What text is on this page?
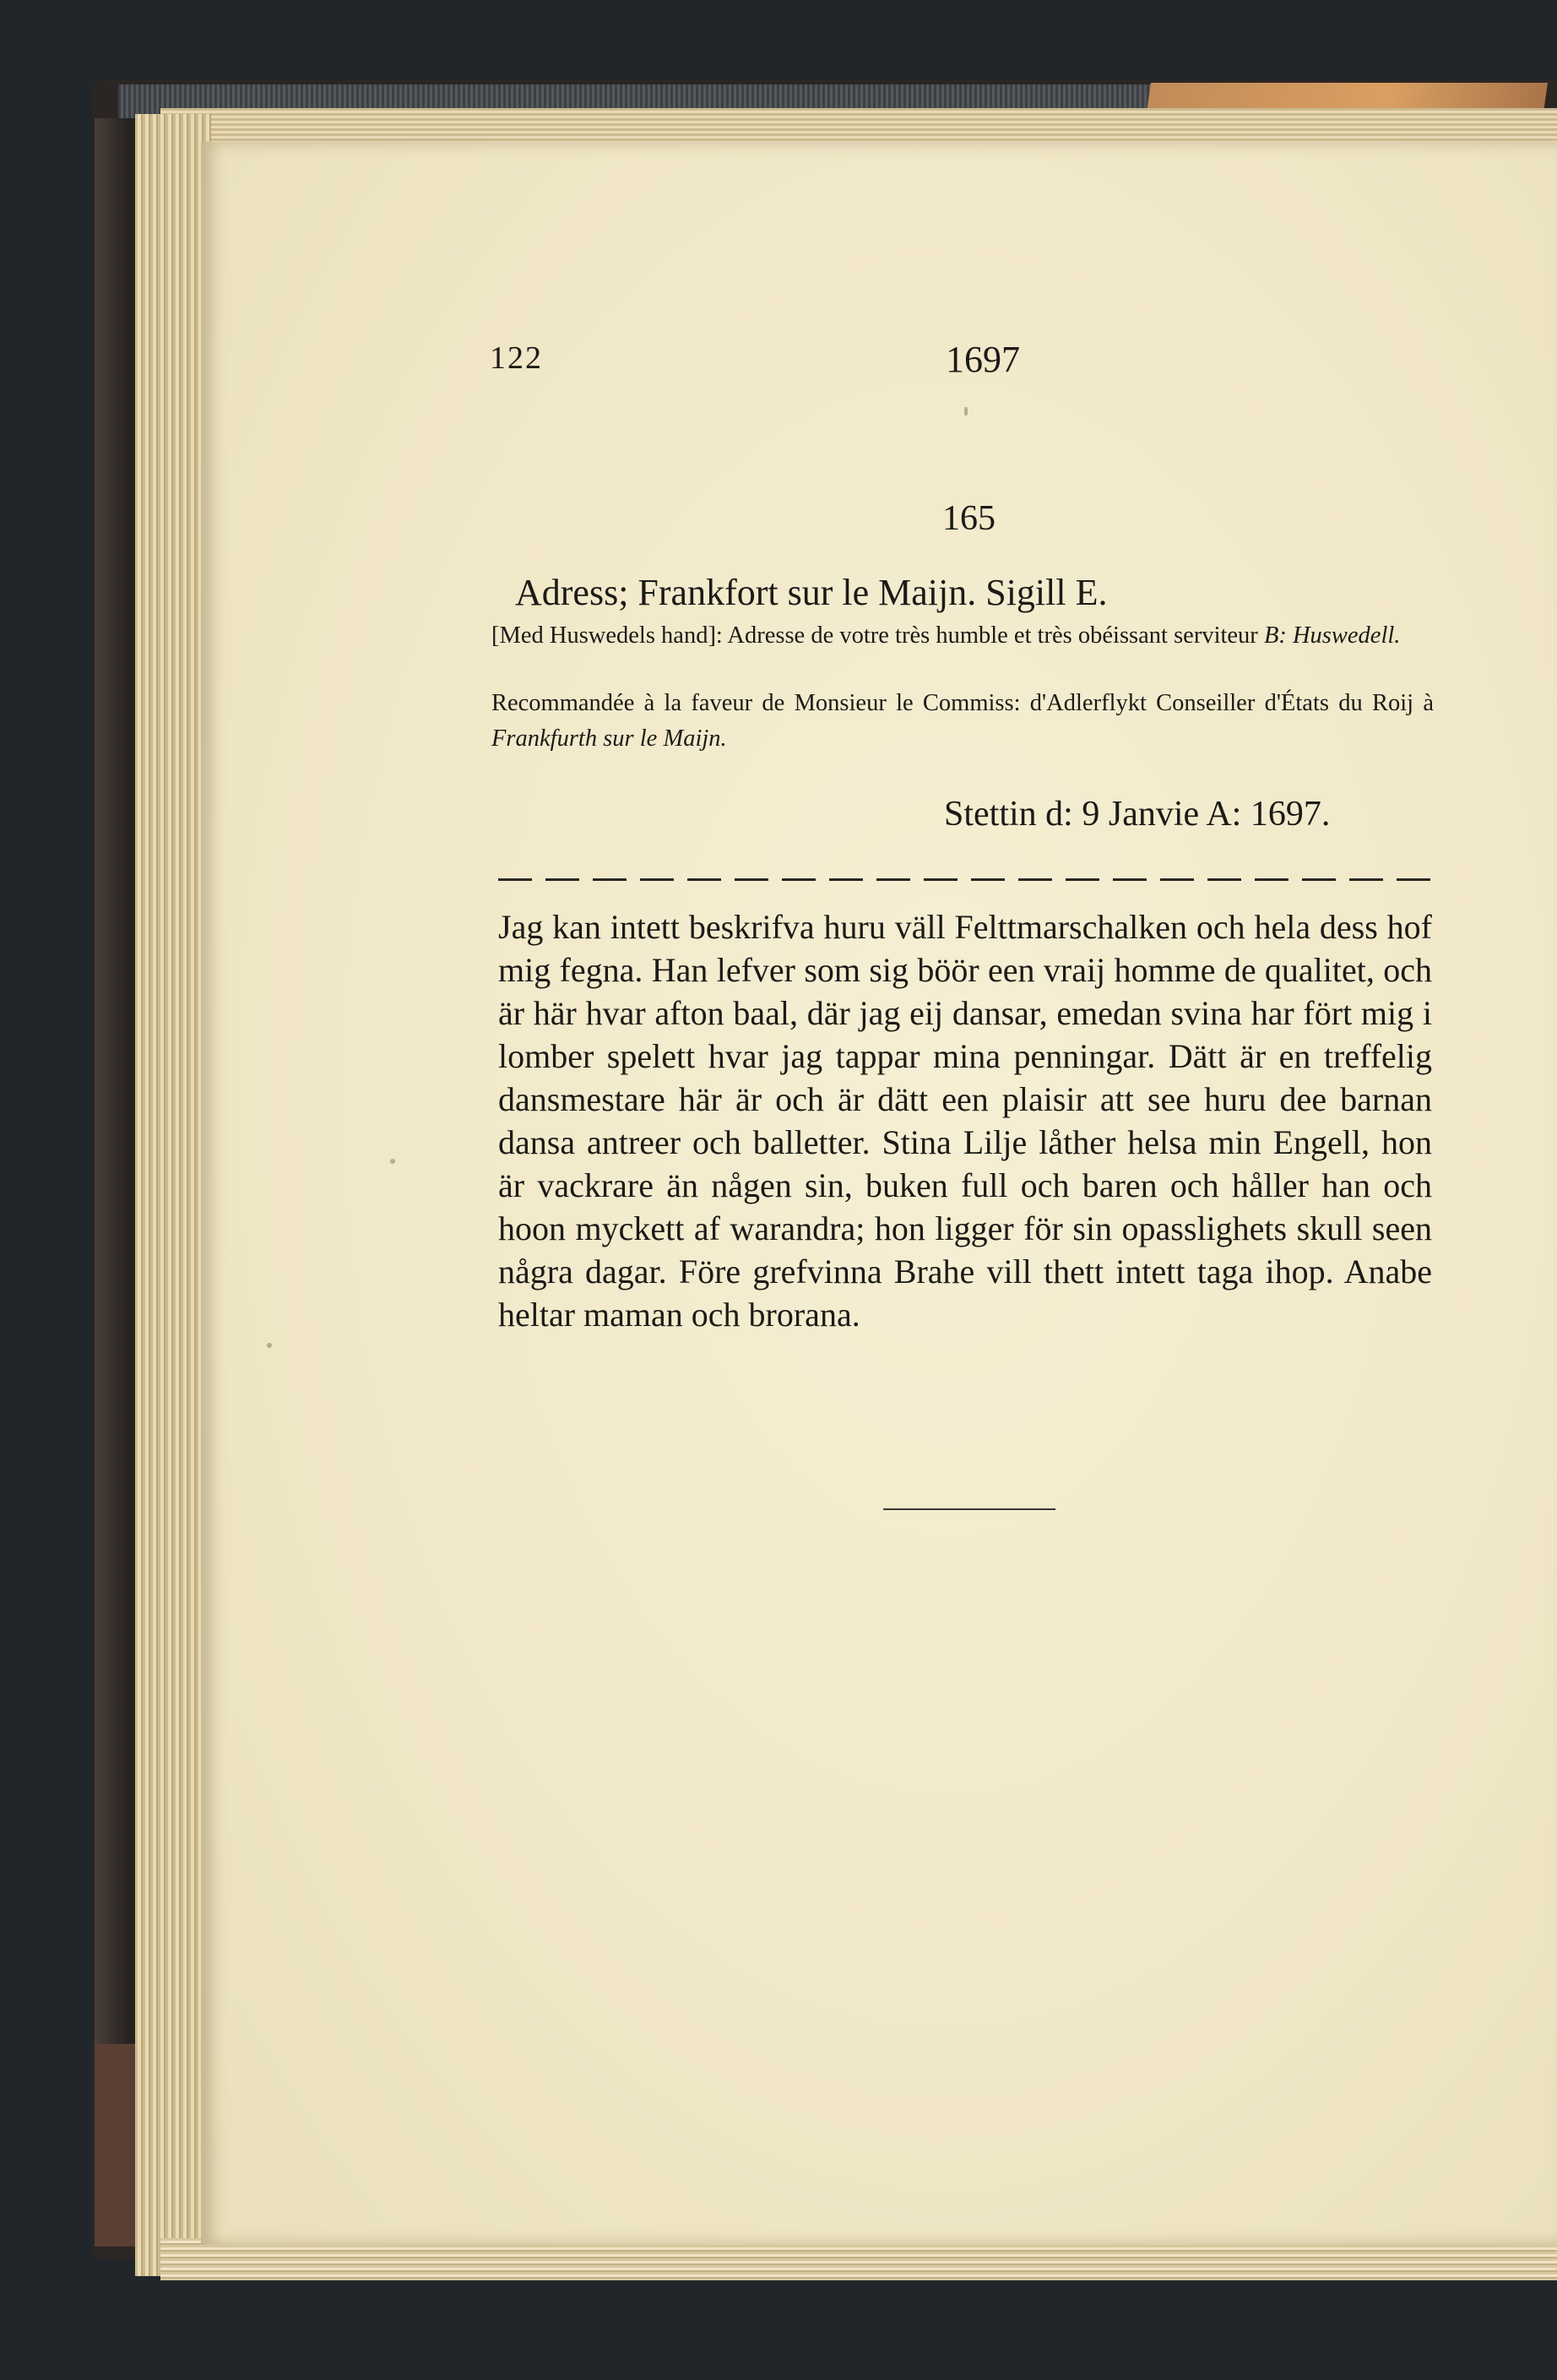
122	1697
165
Adress; Frankfort sur le Maijn. Sigill E.
[Med Huswedels hand]: Adresse de votre très humble et très obéissant serviteur B: Huswedell.
Recommandée à la faveur de Monsieur le Commiss: d'Adlerflykt Conseiller d'États du Roij à Frankfurth sur le Maijn.
Stettin d: 9 Janvie A: 1697.
Jag kan intett beskrifva huru väll Felttmarschalken och hela dess hof mig fegna. Han lefver som sig böör een vraij homme de qualitet, och är här hvar afton baal, där jag eij dansar, emedan svina har fört mig i lomber spelett hvar jag tappar mina penningar. Dätt är en treffelig dansmestare här är och är dätt een plaisir att see huru dee barnan dansa antreer och balletter. Stina Lilje låther helsa min Engell, hon är vackrare än någen sin, buken full och baren och håller han och hoon myckett af warandra; hon ligger för sin opasslighets skull seen några dagar. Före grefvinna Brahe vill thett intett taga ihop. Anabe heltar maman och brorana.
